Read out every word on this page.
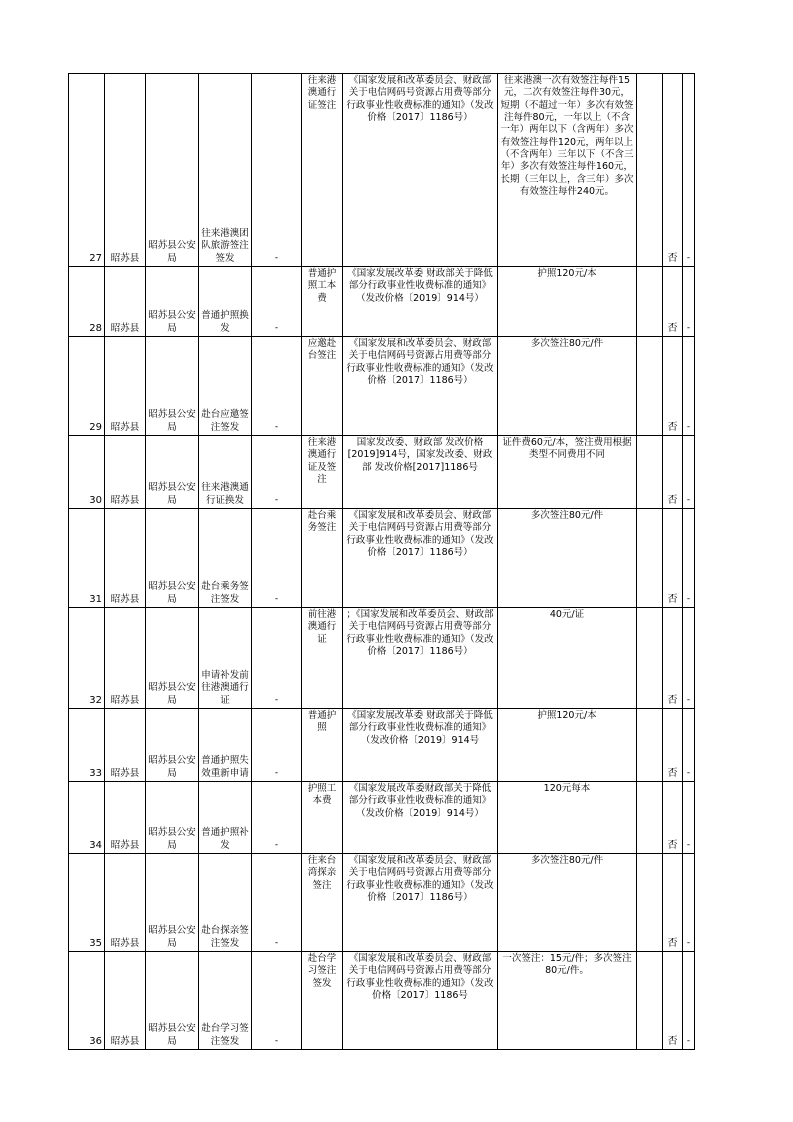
27	昭苏县	昭苏县公安局	往来港澳团队旅游签注签发	-	往来港澳通行证签注	《国家发展和改革委员会、财政部关于电信网码号资源占用费等部分行政事业性收费标准的通知》（发改价格〔2017〕1186号）	往来港澳一次有效签注每件15元，二次有效签注每件30元，短期（不超过一年）多次有效签注每件80元，一年以上（不含一年）两年以下（含两年）多次有效签注每件120元，两年以上（不含两年）三年以下（不含三年）多次有效签注每件160元，长期（三年以上，含三年）多次有效签注每件240元。		否	-
28	昭苏县	昭苏县公安局	普通护照换发	-	普通护照工本费	《国家发展改革委 财政部关于降低部分行政事业性收费标准的通知》（发改价格〔2019〕914号）	护照120元/本		否	-
29	昭苏县	昭苏县公安局	赴台应邀签注签发	-	应邀赴台签注	《国家发展和改革委员会、财政部关于电信网码号资源占用费等部分行政事业性收费标准的通知》（发改价格〔2017〕1186号）	多次签注80元/件		否	-
30	昭苏县	昭苏县公安局	往来港澳通行证换发	-	往来港澳通行证及签注	国家发改委、财政部 发改价格[2019]914号，国家发改委、财政部 发改价格[2017]1186号	证件费60元/本，签注费用根据类型不同费用不同		否	-
31	昭苏县	昭苏县公安局	赴台乘务签注签发	-	赴台乘务签注	《国家发展和改革委员会、财政部关于电信网码号资源占用费等部分行政事业性收费标准的通知》（发改价格〔2017〕1186号）	多次签注80元/件		否	-
32	昭苏县	昭苏县公安局	申请补发前往港澳通行证	-	前往港澳通行证	；《国家发展和改革委员会、财政部关于电信网码号资源占用费等部分行政事业性收费标准的通知》（发改价格〔2017〕1186号）	40元/证		否	-
33	昭苏县	昭苏县公安局	普通护照失效重新申请	-	普通护照	《国家发展改革委 财政部关于降低部分行政事业性收费标准的通知》（发改价格〔2019〕914号	护照120元/本		否	-
34	昭苏县	昭苏县公安局	普通护照补发	-	护照工本费	《国家发展改革委财政部关于降低部分行政事业性收费标准的通知》（发改价格〔2019〕914号）	120元每本		否	-
35	昭苏县	昭苏县公安局	赴台探亲签注签发	-	往来台湾探亲签注	《国家发展和改革委员会、财政部关于电信网码号资源占用费等部分行政事业性收费标准的通知》（发改价格〔2017〕1186号）	多次签注80元/件		否	-
36	昭苏县	昭苏县公安局	赴台学习签注签发	-	赴台学习签注签发	《国家发展和改革委员会、财政部关于电信网码号资源占用费等部分行政事业性收费标准的通知》（发改价格〔2017〕1186号	一次签注：15元/件；多次签注80元/件。		否	-
